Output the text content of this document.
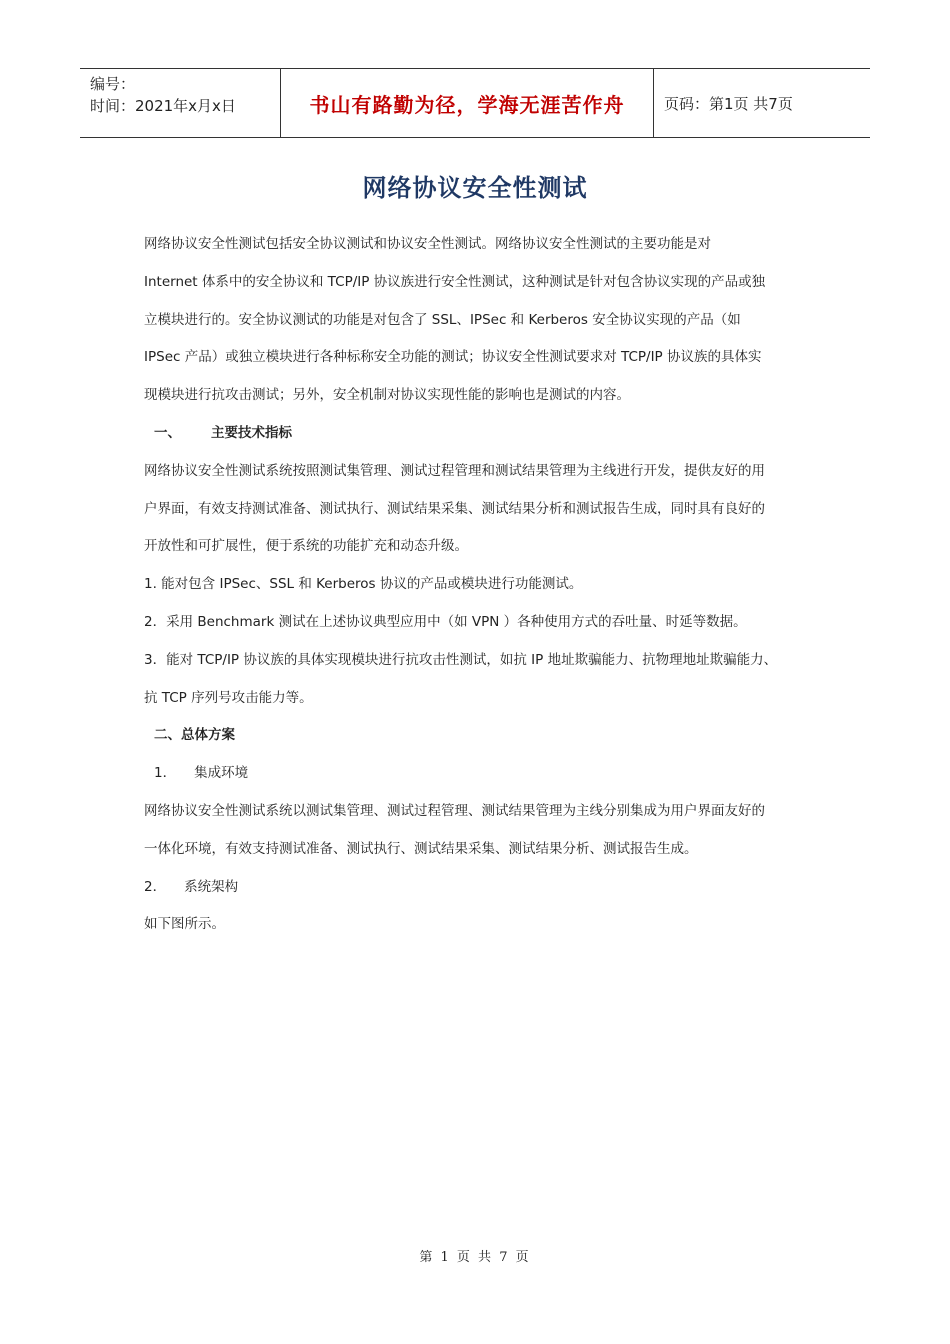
编号：
时间：2021年x月x日	书山有路勤为径，学海无涯苦作舟	页码：第1页 共7页
网络协议安全性测试

网络协议安全性测试包括安全协议测试和协议安全性测试。网络协议安全性测试的主要功能是对

Internet 体系中的安全协议和 TCP/IP 协议族进行安全性测试，这种测试是针对包含协议实现的产品或独

立模块进行的。安全协议测试的功能是对包含了 SSL、IPSec 和 Kerberos 安全协议实现的产品（如

IPSec 产品）或独立模块进行各种标称安全功能的测试；协议安全性测试要求对 TCP/IP 协议族的具体实

现模块进行抗攻击测试；另外，安全机制对协议实现性能的影响也是测试的内容。

一、 主要技术指标

网络协议安全性测试系统按照测试集管理、测试过程管理和测试结果管理为主线进行开发，提供友好的用

户界面，有效支持测试准备、测试执行、测试结果采集、测试结果分析和测试报告生成，同时具有良好的

开放性和可扩展性，便于系统的功能扩充和动态升级。

1. 能对包含 IPSec、SSL 和 Kerberos 协议的产品或模块进行功能测试。

2．采用 Benchmark 测试在上述协议典型应用中（如 VPN ）各种使用方式的吞吐量、时延等数据。

3．能对 TCP/IP 协议族的具体实现模块进行抗攻击性测试，如抗 IP 地址欺骗能力、抗物理地址欺骗能力、

抗 TCP 序列号攻击能力等。

二、总体方案

1． 集成环境

网络协议安全性测试系统以测试集管理、测试过程管理、测试结果管理为主线分别集成为用户界面友好的

一体化环境，有效支持测试准备、测试执行、测试结果采集、测试结果分析、测试报告生成。

2． 系统架构

如下图所示。

第 1 页 共 7 页
